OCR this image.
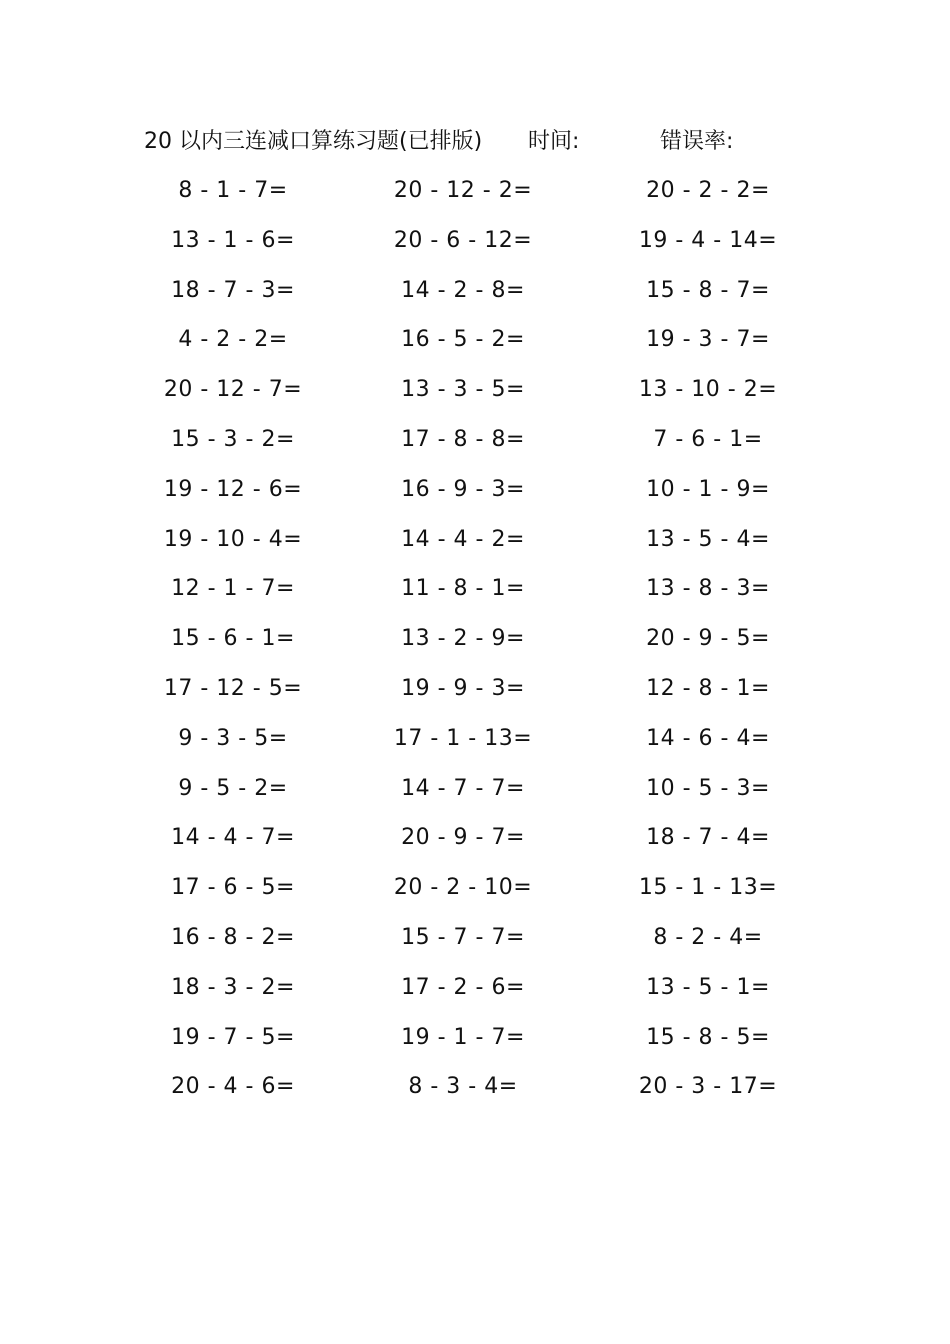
20 以内三连减口算练习题(已排版) 时间:	错误率:
8 - 1 - 7=	20 - 12 - 2=	20 - 2 - 2=
13 - 1 - 6=	20 - 6 - 12=	19 - 4 - 14=
18 - 7 - 3=	14 - 2 - 8=	15 - 8 - 7=
4 - 2 - 2=	16 - 5 - 2=	19 - 3 - 7=
20 - 12 - 7=	13 - 3 - 5=	13 - 10 - 2=
15 - 3 - 2=	17 - 8 - 8=	7 - 6 - 1=
19 - 12 - 6=	16 - 9 - 3=	10 - 1 - 9=
19 - 10 - 4=	14 - 4 - 2=	13 - 5 - 4=
12 - 1 - 7=	11 - 8 - 1=	13 - 8 - 3=
15 - 6 - 1=	13 - 2 - 9=	20 - 9 - 5=
17 - 12 - 5=	19 - 9 - 3=	12 - 8 - 1=
9 - 3 - 5=	17 - 1 - 13=	14 - 6 - 4=
9 - 5 - 2=	14 - 7 - 7=	10 - 5 - 3=
14 - 4 - 7=	20 - 9 - 7=	18 - 7 - 4=
17 - 6 - 5=	20 - 2 - 10=	15 - 1 - 13=
16 - 8 - 2=	15 - 7 - 7=	8 - 2 - 4=
18 - 3 - 2=	17 - 2 - 6=	13 - 5 - 1=
19 - 7 - 5=	19 - 1 - 7=	15 - 8 - 5=
20 - 4 - 6=	8 - 3 - 4=	20 - 3 - 17=
